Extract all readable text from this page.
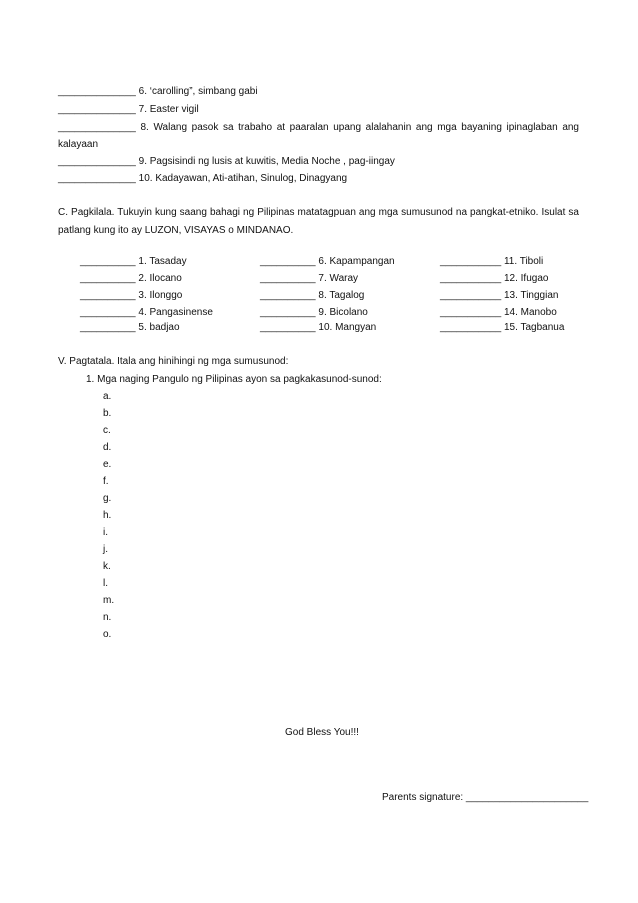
______________ 6. ‘carolling”, simbang gabi
______________ 7. Easter vigil
______________ 8. Walang pasok sa trabaho at paaralan upang alalahanin ang mga bayaning ipinaglaban ang
kalayaan
______________ 9. Pagsisindi ng lusis at kuwitis, Media Noche , pag-iingay
______________ 10. Kadayawan, Ati-atihan, Sinulog, Dinagyang
C. Pagkilala. Tukuyin kung saang bahagi ng Pilipinas matatagpuan ang mga sumusunod na pangkat-etniko. Isulat sa
patlang kung ito ay LUZON, VISAYAS o MINDANAO.
__________ 1. Tasaday
__________ 2. Ilocano
__________ 3. Ilonggo
__________ 4. Pangasinense
__________ 5. badjao
__________ 6. Kapampangan
__________ 7. Waray
__________ 8. Tagalog
__________ 9. Bicolano
__________ 10. Mangyan
___________ 11. Tiboli
___________ 12. Ifugao
___________ 13. Tinggian
___________ 14. Manobo
___________ 15. Tagbanua
V. Pagtatala. Itala ang hinihingi ng mga sumusunod:
1. Mga naging Pangulo ng Pilipinas ayon sa pagkakasunod-sunod:
a.
b.
c.
d.
e.
f.
g.
h.
i.
j.
k.
l.
m.
n.
o.
God Bless You!!!
Parents signature: ______________________
